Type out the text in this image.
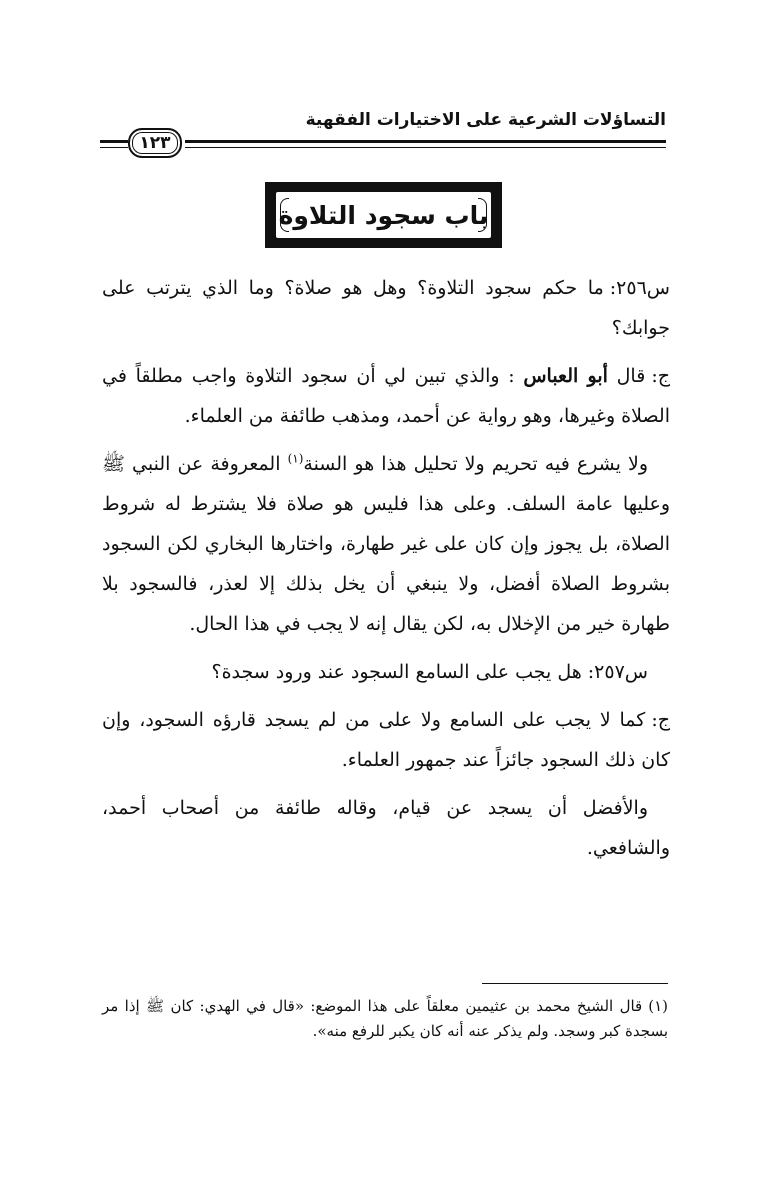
التساؤلات الشرعية على الاختيارات الفقهية
١٢٣
باب سجود التلاوة

س٢٥٦:ما حكم سجود التلاوة؟ وهل هو صلاة؟ وما الذي يترتب على جوابك؟

ج:قال أبو العباس : والذي تبين لي أن سجود التلاوة واجب مطلقاً في الصلاة وغيرها، وهو رواية عن أحمد، ومذهب طائفة من العلماء.

ولا يشرع فيه تحريم ولا تحليل هذا هو السنة$^{(١)}$ المعروفة عن النبي ﷺ وعليها عامة السلف. وعلى هذا فليس هو صلاة فلا يشترط له شروط الصلاة، بل يجوز وإن كان على غير طهارة، واختارها البخاري لكن السجود بشروط الصلاة أفضل، ولا ينبغي أن يخل بذلك إلا لعذر، فالسجود بلا طهارة خير من الإخلال به، لكن يقال إنه لا يجب في هذا الحال.

س٢٥٧:هل يجب على السامع السجود عند ورود سجدة؟

ج:كما لا يجب على السامع ولا على من لم يسجد قارؤه السجود، وإن كان ذلك السجود جائزاً عند جمهور العلماء.

والأفضل أن يسجد عن قيام، وقاله طائفة من أصحاب أحمد، والشافعي.

(١)قال الشيخ محمد بن عثيمين معلقاً على هذا الموضع: «قال في الهدي: كان ﷺ إذا مر بسجدة كبر وسجد. ولم يذكر عنه أنه كان يكبر للرفع منه».
